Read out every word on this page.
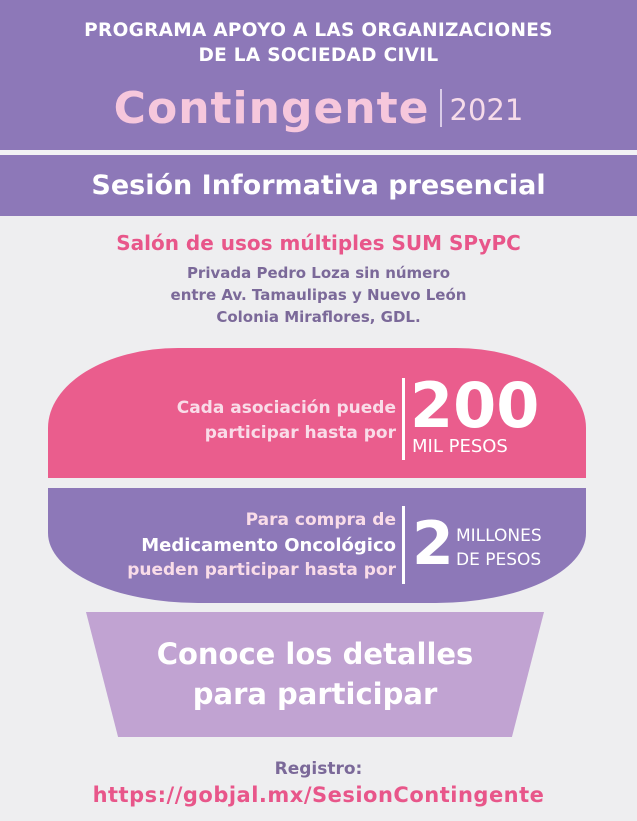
PROGRAMA APOYO A LAS ORGANIZACIONES
DE LA SOCIEDAD CIVIL
Contingente 2021
Sesión Informativa presencial
Salón de usos múltiples SUM SPyPC
Privada Pedro Loza sin número
entre Av. Tamaulipas y Nuevo León
Colonia Miraflores, GDL.
Cada asociación puede
participar hasta por 200
MIL PESOS
Para compra de
Medicamento Oncológico
pueden participar hasta por 2 MILLONES
DE PESOS
Conoce los detalles
para participar
Registro:
https://gobjal.mx/SesionContingente
